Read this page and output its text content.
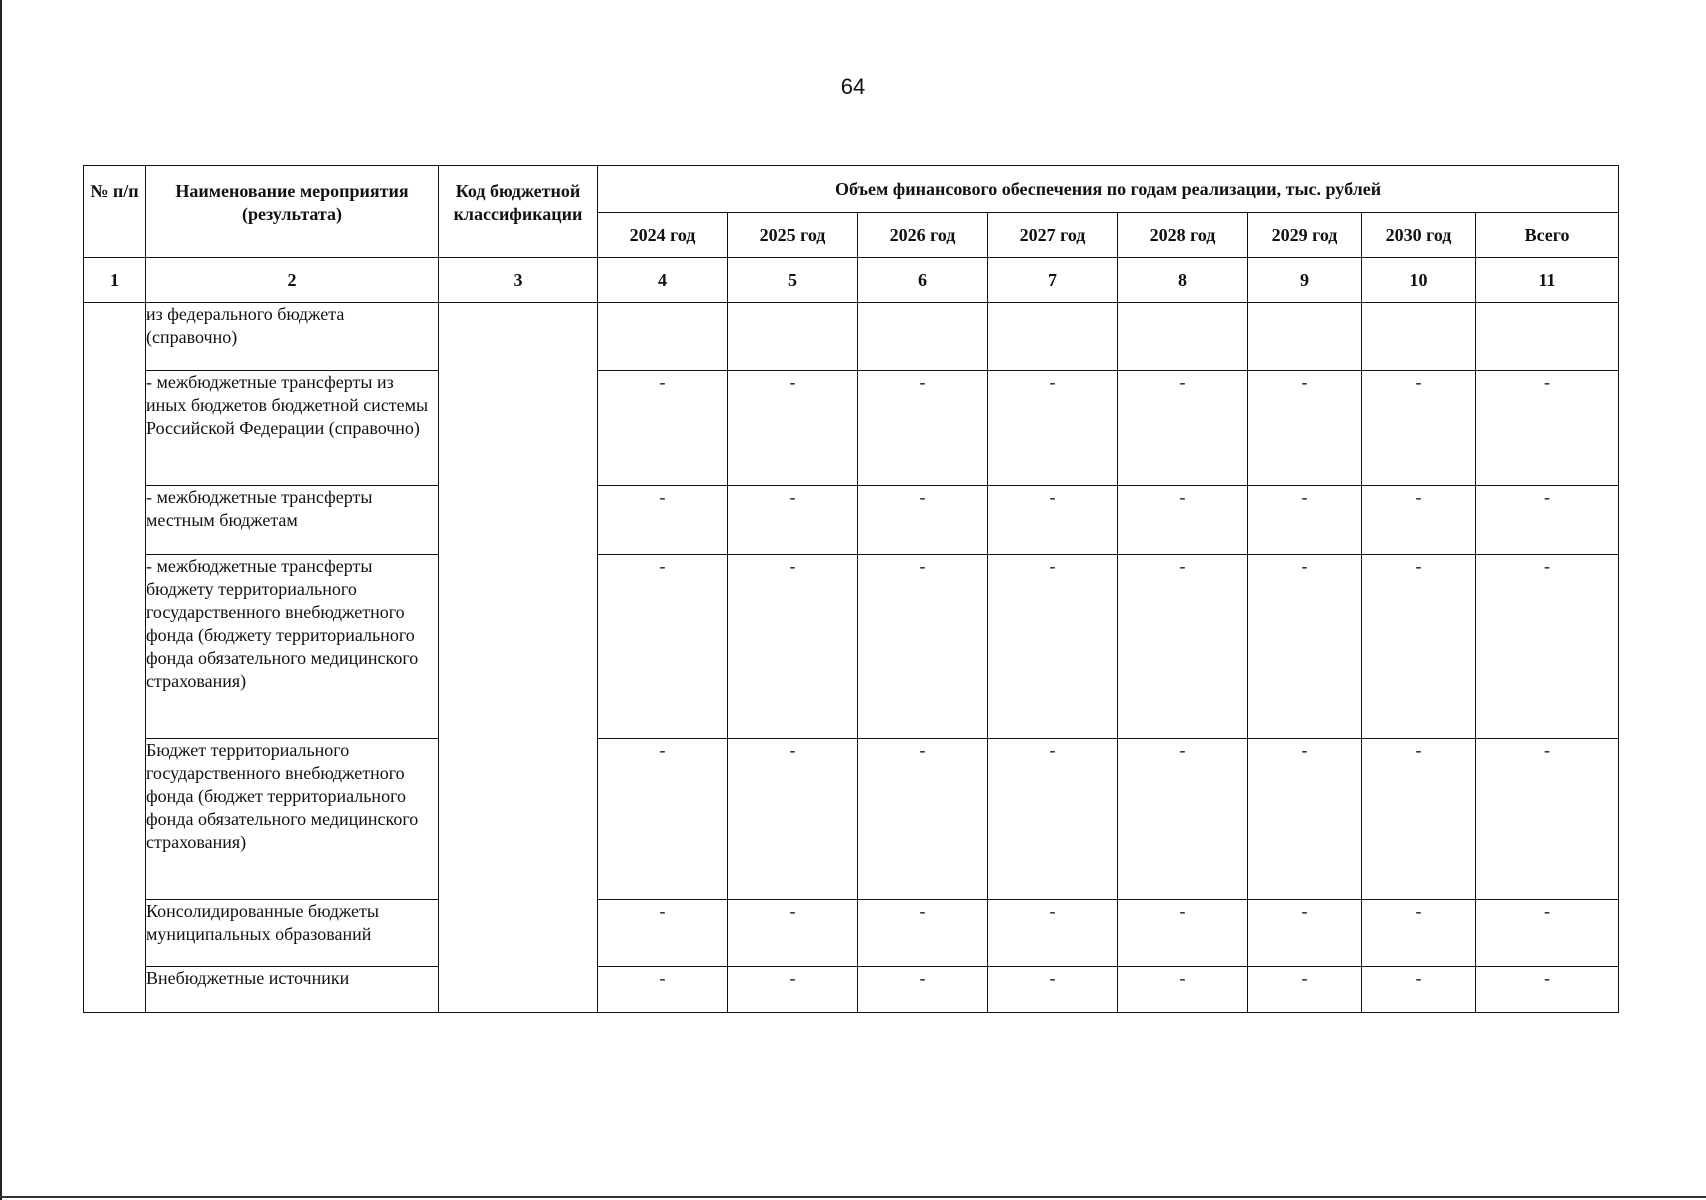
64
№ п/п	Наименование мероприятия (результата)	Код бюджетной классификации	Объем финансового обеспечения по годам реализации, тыс. рублей							
			2024 год	2025 год	2026 год	2027 год	2028 год	2029 год	2030 год	Всего
1	2	3	4	5	6	7	8	9	10	11
	из федерального бюджета (справочно)									
	- межбюджетные трансферты из иных бюджетов бюджетной системы Российской Федерации (справочно)		-	-	-	-	-	-	-	-
	- межбюджетные трансферты местным бюджетам		-	-	-	-	-	-	-	-
	- межбюджетные трансферты бюджету территориального государственного внебюджетного фонда (бюджету территориального фонда обязательного медицинского страхования)		-	-	-	-	-	-	-	-
	Бюджет территориального государственного внебюджетного фонда (бюджет территориального фонда обязательного медицинского страхования)		-	-	-	-	-	-	-	-
	Консолидированные бюджеты муниципальных образований		-	-	-	-	-	-	-	-
	Внебюджетные источники		-	-	-	-	-	-	-	-
